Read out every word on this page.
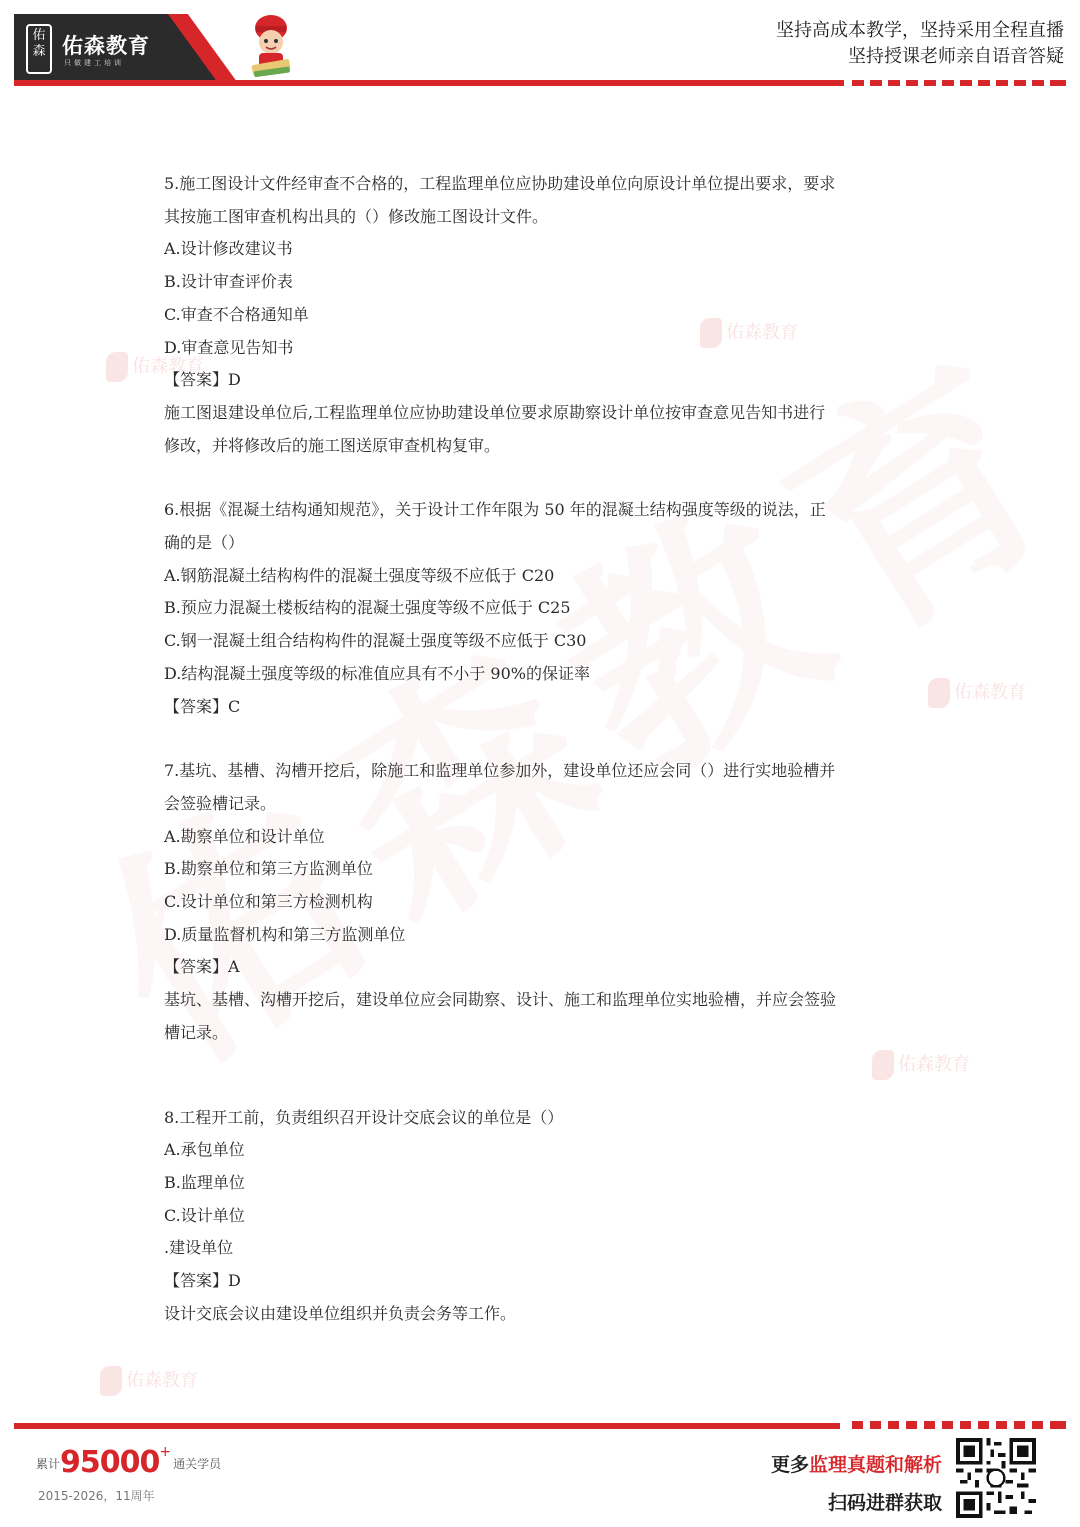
佑森 佑森教育
只做建工培训
坚持高成本教学，坚持采用全程直播
坚持授课老师亲自语音答疑
佑森教育
佑森教育
佑森教育
佑森教育
佑森教育

5.施工图设计文件经审查不合格的，工程监理单位应协助建设单位向原设计单位提出要求，要求

其按施工图审查机构出具的（）修改施工图设计文件。

A.设计修改建议书

B.设计审查评价表

C.审查不合格通知单

D.审查意见告知书

【答案】D

施工图退建设单位后,工程监理单位应协助建设单位要求原勘察设计单位按审查意见告知书进行

修改，并将修改后的施工图送原审查机构复审。

6.根据《混凝土结构通知规范》，关于设计工作年限为 50 年的混凝土结构强度等级的说法，正

确的是（）

A.钢筋混凝土结构构件的混凝土强度等级不应低于 C20

B.预应力混凝土楼板结构的混凝土强度等级不应低于 C25

C.钢一混凝土组合结构构件的混凝土强度等级不应低于 C30

D.结构混凝土强度等级的标准值应具有不小于 90%的保证率

【答案】C

7.基坑、基槽、沟槽开挖后，除施工和监理单位参加外，建设单位还应会同（）进行实地验槽并

会签验槽记录。

A.勘察单位和设计单位

B.勘察单位和第三方监测单位

C.设计单位和第三方检测机构

D.质量监督机构和第三方监测单位

【答案】A

基坑、基槽、沟槽开挖后，建设单位应会同勘察、设计、施工和监理单位实地验槽，并应会签验

槽记录。

8.工程开工前，负责组织召开设计交底会议的单位是（）

A.承包单位

B.监理单位

C.设计单位

.建设单位

【答案】D

设计交底会议由建设单位组织并负责会务等工作。

$^{累计}$95000+$^{通关学员}$
2015-2026，11周年
更多监理真题和解析
扫码进群获取
